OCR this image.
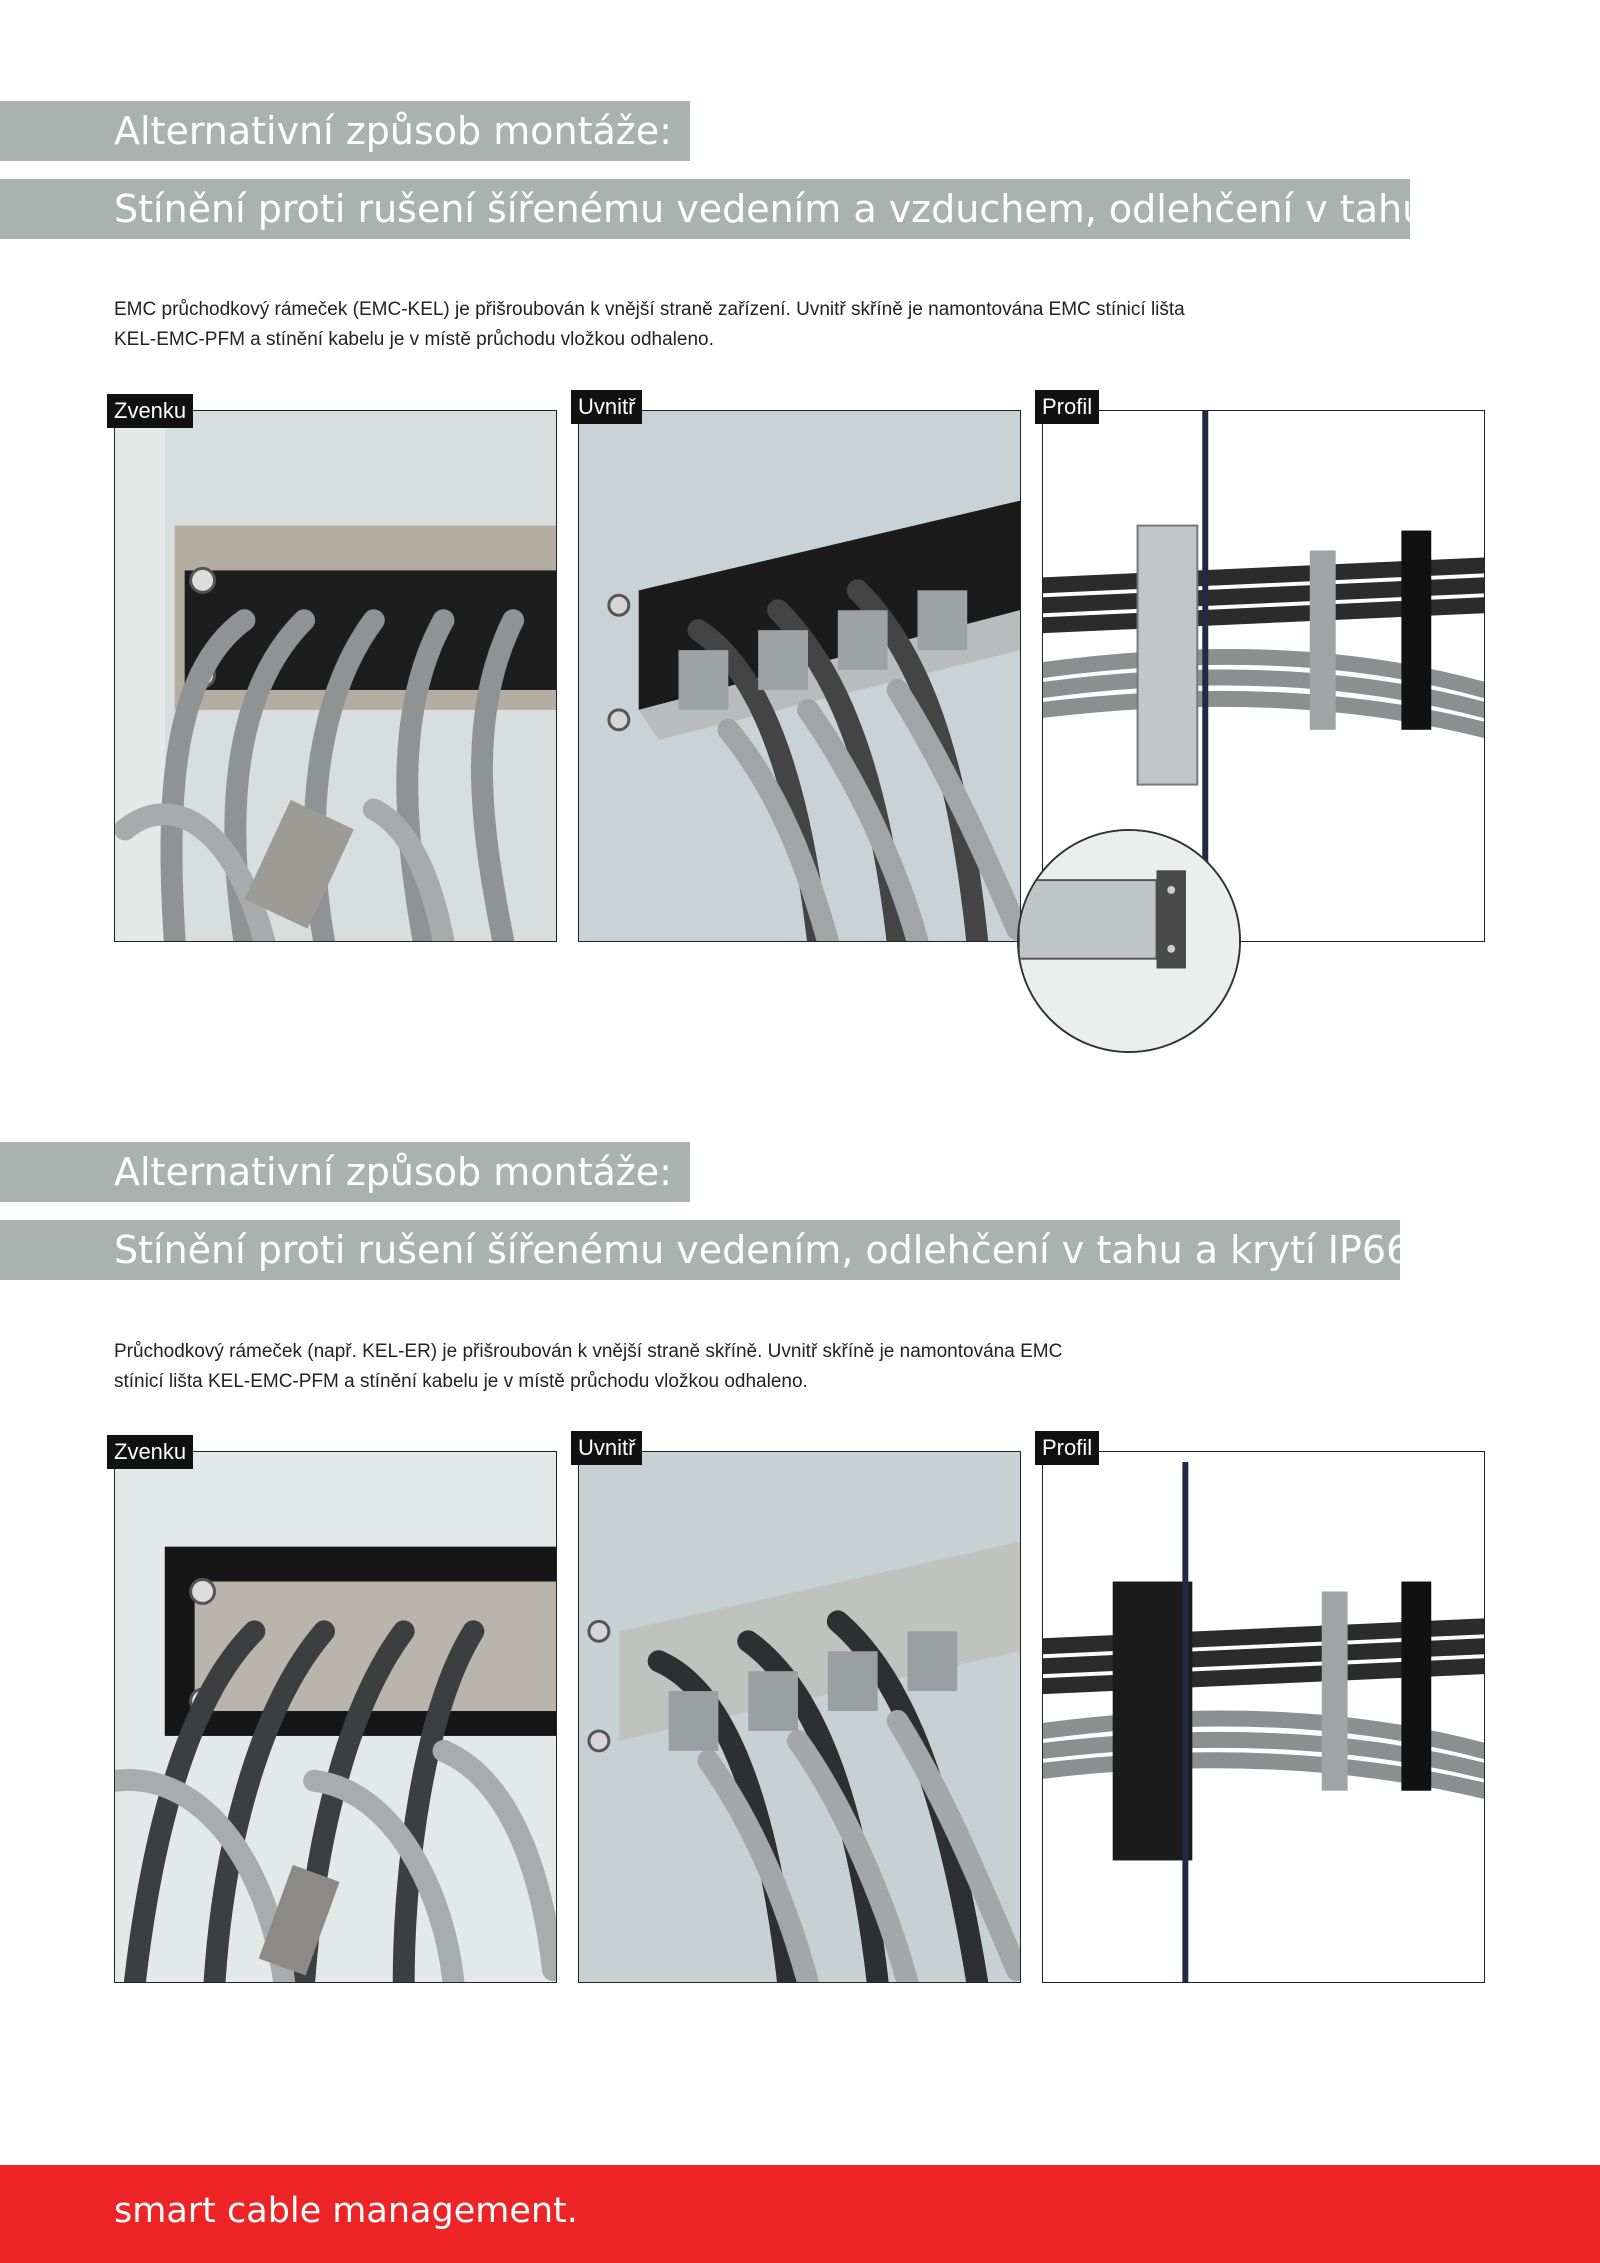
Alternativní způsob montáže:
Stínění proti rušení šířenému vedením a vzduchem, odlehčení v tahu
EMC průchodkový rámeček (EMC-KEL) je přišroubován k vnější straně zařízení. Uvnitř skříně je namontována EMC stínicí lišta
KEL-EMC-PFM a stínění kabelu je v místě průchodu vložkou odhaleno.
Zvenku	Uvnitř	Profil
Alternativní způsob montáže:
Stínění proti rušení šířenému vedením, odlehčení v tahu a krytí IP66
Průchodkový rámeček (např. KEL-ER) je přišroubován k vnější straně skříně. Uvnitř skříně je namontována EMC
stínicí lišta KEL-EMC-PFM a stínění kabelu je v místě průchodu vložkou odhaleno.
Zvenku	Uvnitř	Profil
smart cable management.
